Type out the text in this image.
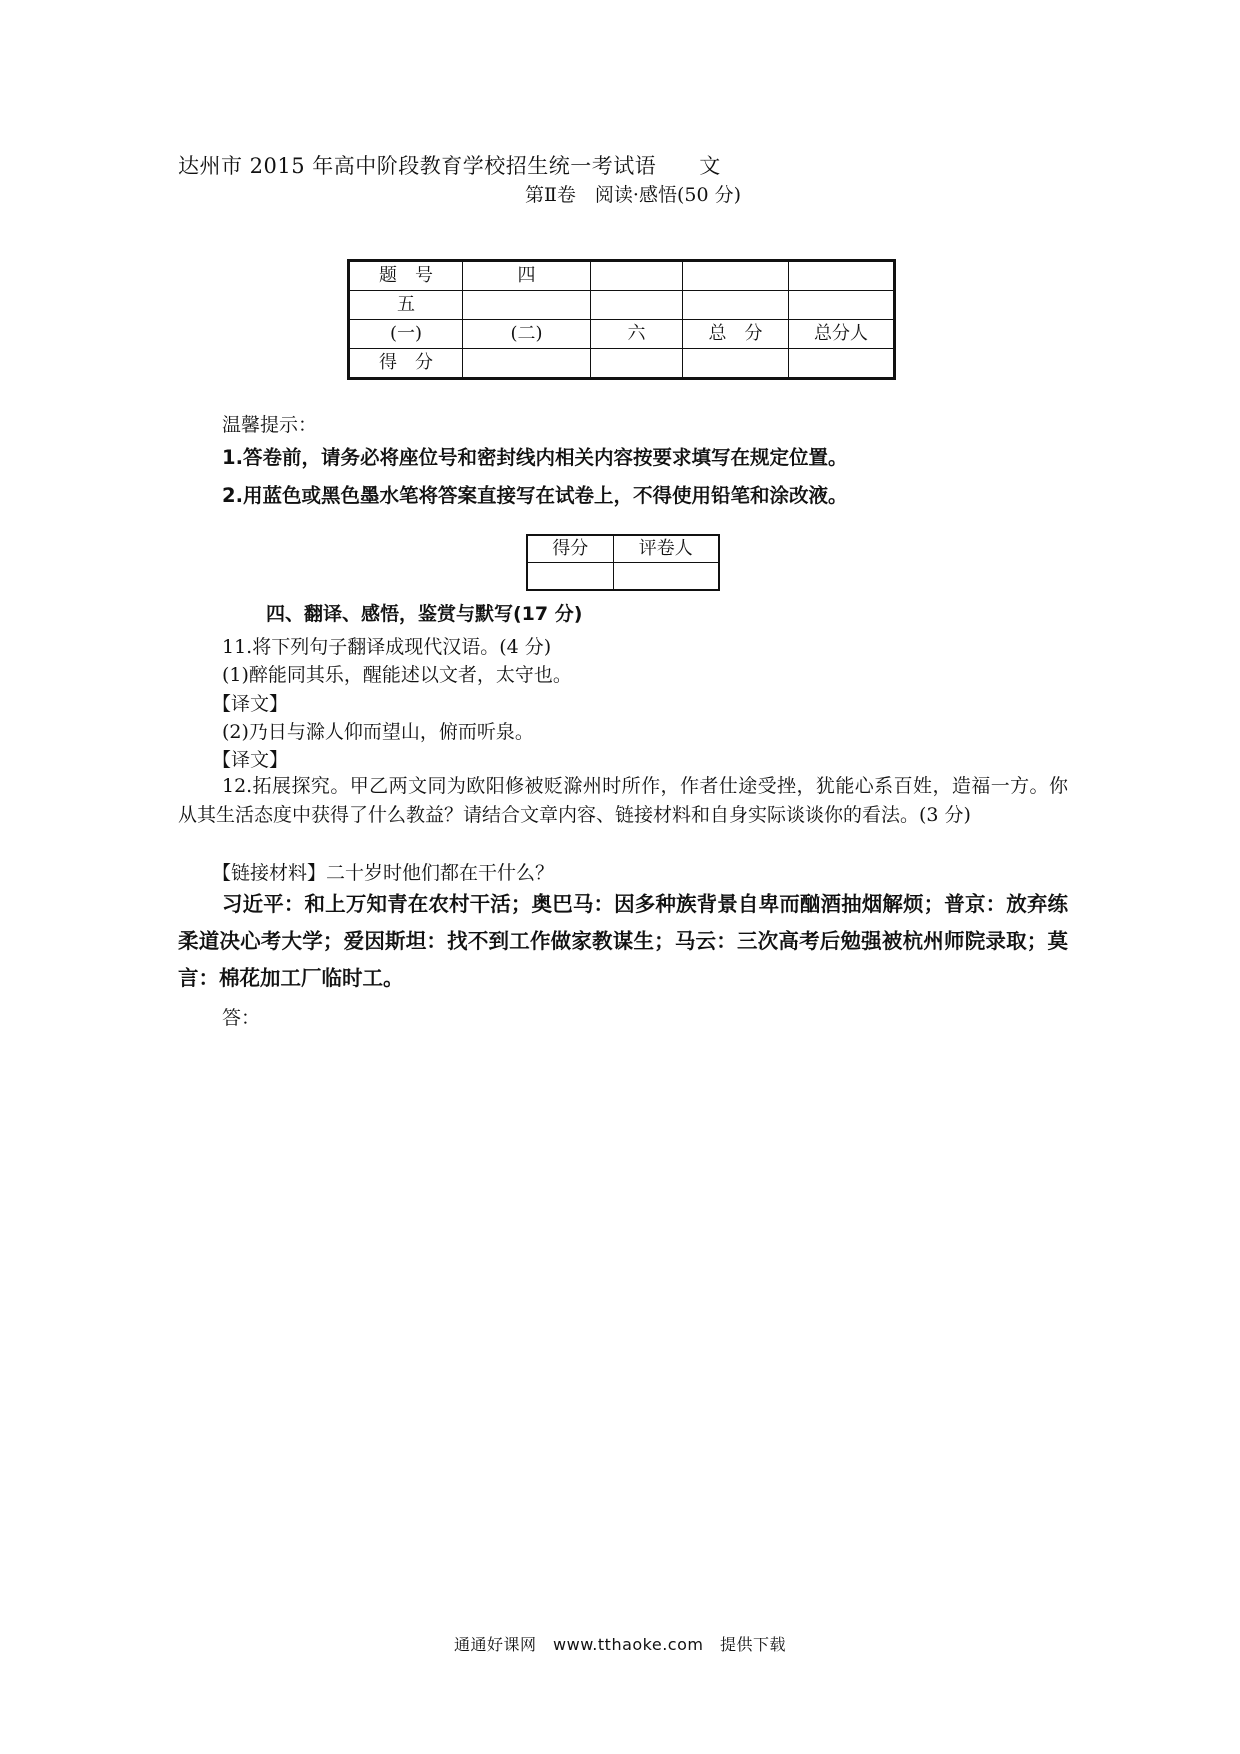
达州市 2015 年高中阶段教育学校招生统一考试语　　文
第Ⅱ卷　阅读·感悟(50 分)
题　号	四			
五				
(一)	(二)	六	总　分	总分人
得　分				
温馨提示：
1.答卷前，请务必将座位号和密封线内相关内容按要求填写在规定位置。
2.用蓝色或黑色墨水笔将答案直接写在试卷上，不得使用铅笔和涂改液。
得分	评卷人

四、翻译、感悟，鉴赏与默写(17 分)
11.将下列句子翻译成现代汉语。(4 分)
(1)醉能同其乐，醒能述以文者，太守也。
【译文】
(2)乃日与滁人仰而望山，俯而听泉。
【译文】
12.拓展探究。甲乙两文同为欧阳修被贬滁州时所作，作者仕途受挫，犹能心系百姓，造福一方。你从其生活态度中获得了什么教益？请结合文章内容、链接材料和自身实际谈谈你的看法。(3 分)
【链接材料】二十岁时他们都在干什么？
习近平：和上万知青在农村干活；奥巴马：因多种族背景自卑而酗酒抽烟解烦；普京：放弃练柔道决心考大学；爱因斯坦：找不到工作做家教谋生；马云：三次高考后勉强被杭州师院录取；莫言：棉花加工厂临时工。
答：
通通好课网　www.tthaoke.com　提供下载
